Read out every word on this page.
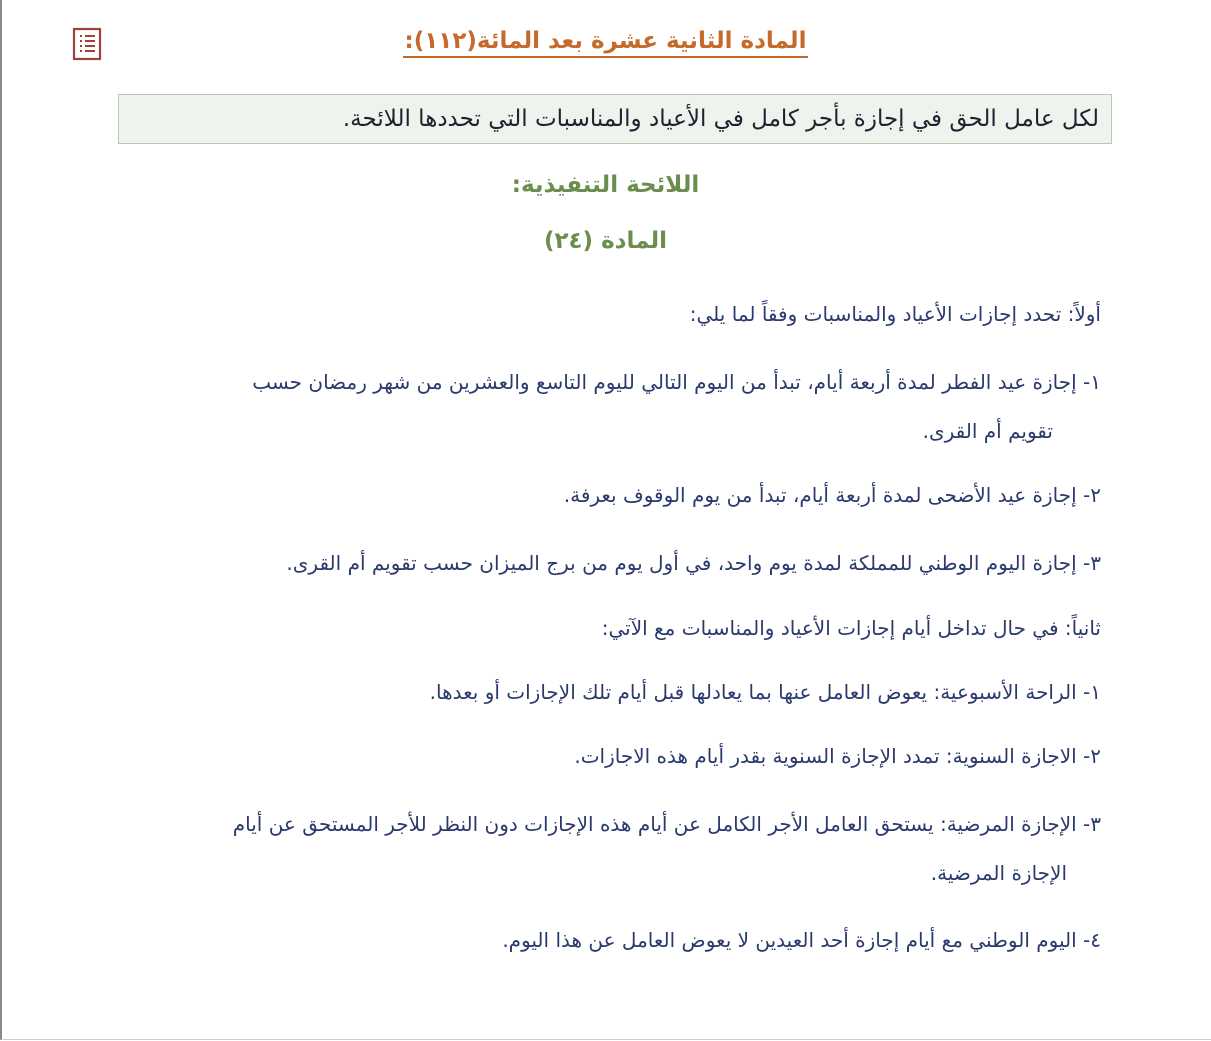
المادة الثانية عشرة بعد المائة(١١٢):
لكل عامل الحق في إجازة بأجر كامل في الأعياد والمناسبات التي تحددها اللائحة.
اللائحة التنفيذية:
المادة (٢٤)
أولاً: تحدد إجازات الأعياد والمناسبات وفقاً لما يلي:
١- إجازة عيد الفطر لمدة أربعة أيام، تبدأ من اليوم التالي لليوم التاسع والعشرين من شهر رمضان حسب
تقويم أم القرى.
٢- إجازة عيد الأضحى لمدة أربعة أيام، تبدأ من يوم الوقوف بعرفة.
٣- إجازة اليوم الوطني للمملكة لمدة يوم واحد، في أول يوم من برج الميزان حسب تقويم أم القرى.
ثانياً: في حال تداخل أيام إجازات الأعياد والمناسبات مع الآتي:
١- الراحة الأسبوعية: يعوض العامل عنها بما يعادلها قبل أيام تلك الإجازات أو بعدها.
٢- الاجازة السنوية: تمدد الإجازة السنوية بقدر أيام هذه الاجازات.
٣- الإجازة المرضية: يستحق العامل الأجر الكامل عن أيام هذه الإجازات دون النظر للأجر المستحق عن أيام
الإجازة المرضية.
٤- اليوم الوطني مع أيام إجازة أحد العيدين لا يعوض العامل عن هذا اليوم.
